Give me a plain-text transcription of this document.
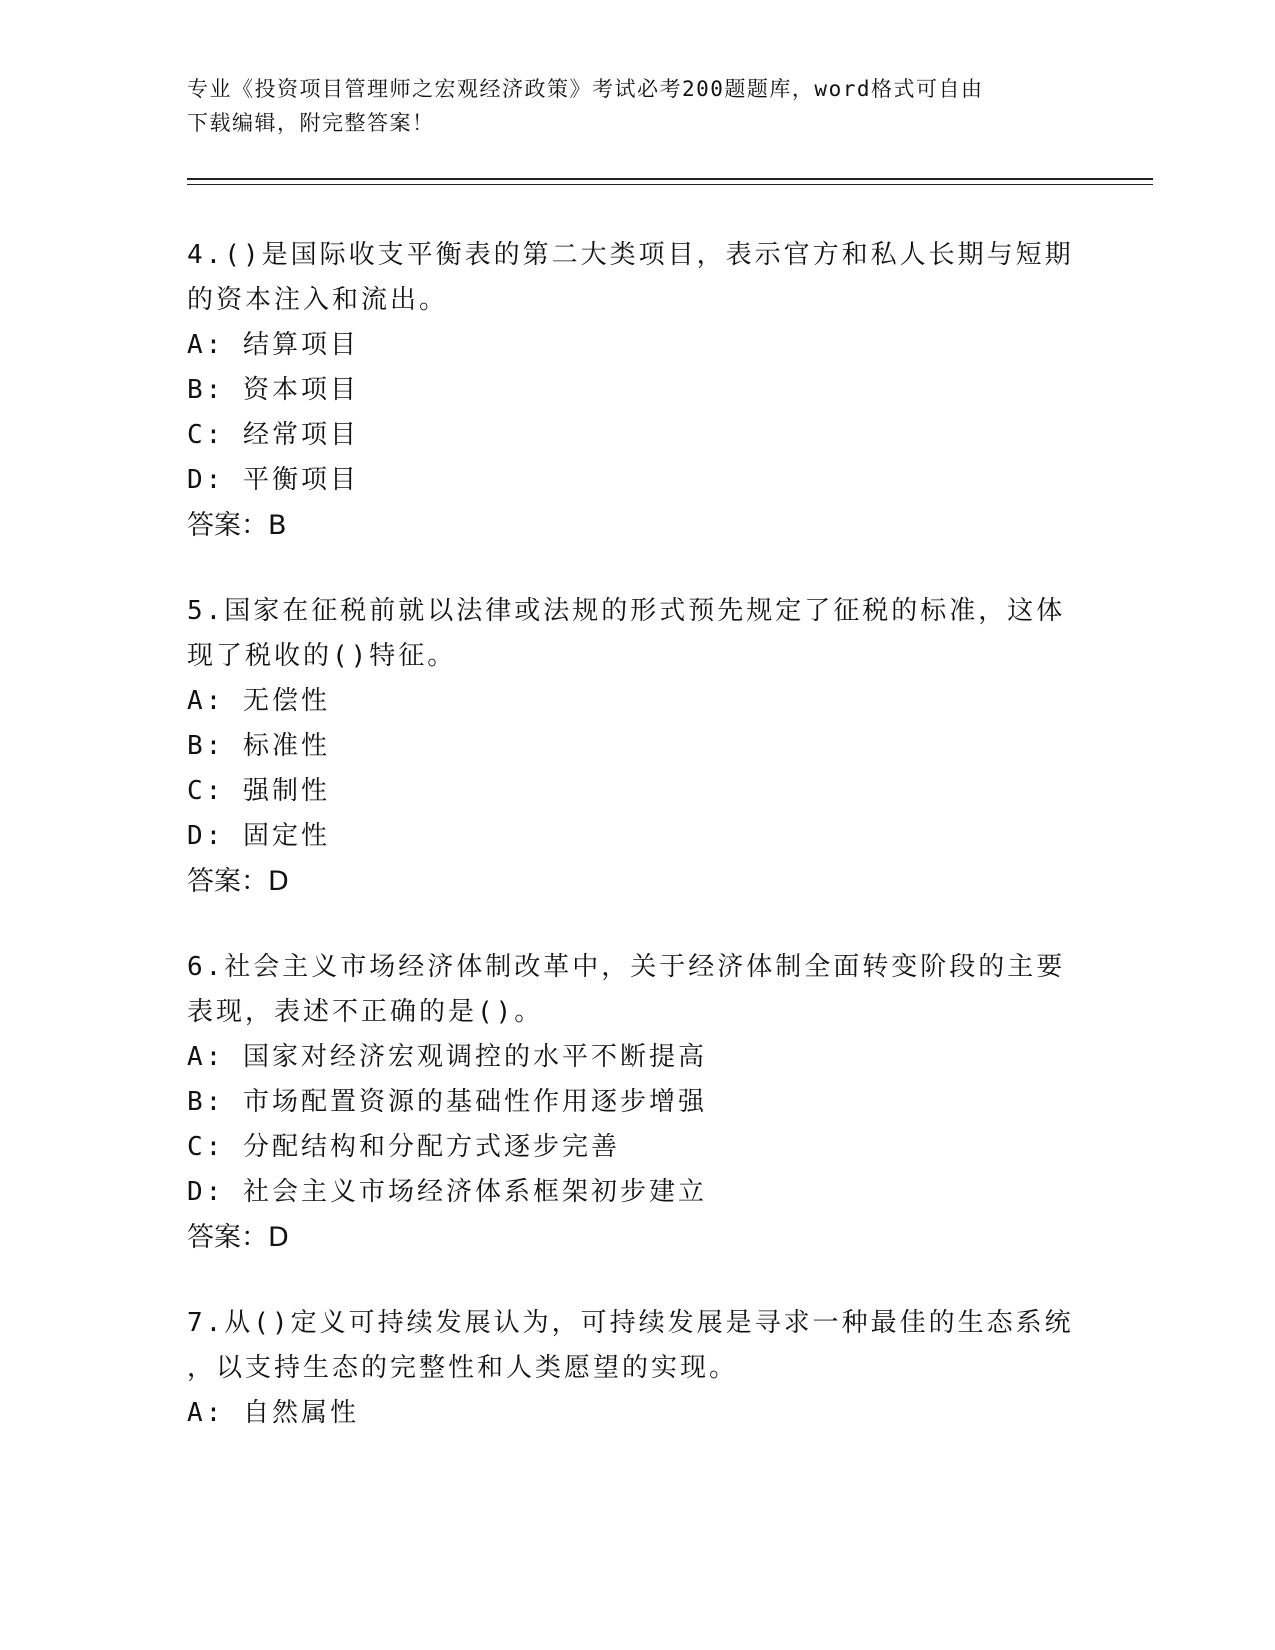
专业《投资项目管理师之宏观经济政策》考试必考200题题库，word格式可自由
下载编辑，附完整答案！
4.()是国际收支平衡表的第二大类项目，表示官方和私人长期与短期
的资本注入和流出。
A: 结算项目
B: 资本项目
C: 经常项目
D: 平衡项目
答案：B
5.国家在征税前就以法律或法规的形式预先规定了征税的标准，这体
现了税收的()特征。
A: 无偿性
B: 标准性
C: 强制性
D: 固定性
答案：D
6.社会主义市场经济体制改革中，关于经济体制全面转变阶段的主要
表现，表述不正确的是()。
A: 国家对经济宏观调控的水平不断提高
B: 市场配置资源的基础性作用逐步增强
C: 分配结构和分配方式逐步完善
D: 社会主义市场经济体系框架初步建立
答案：D
7.从()定义可持续发展认为，可持续发展是寻求一种最佳的生态系统
，以支持生态的完整性和人类愿望的实现。
A: 自然属性
